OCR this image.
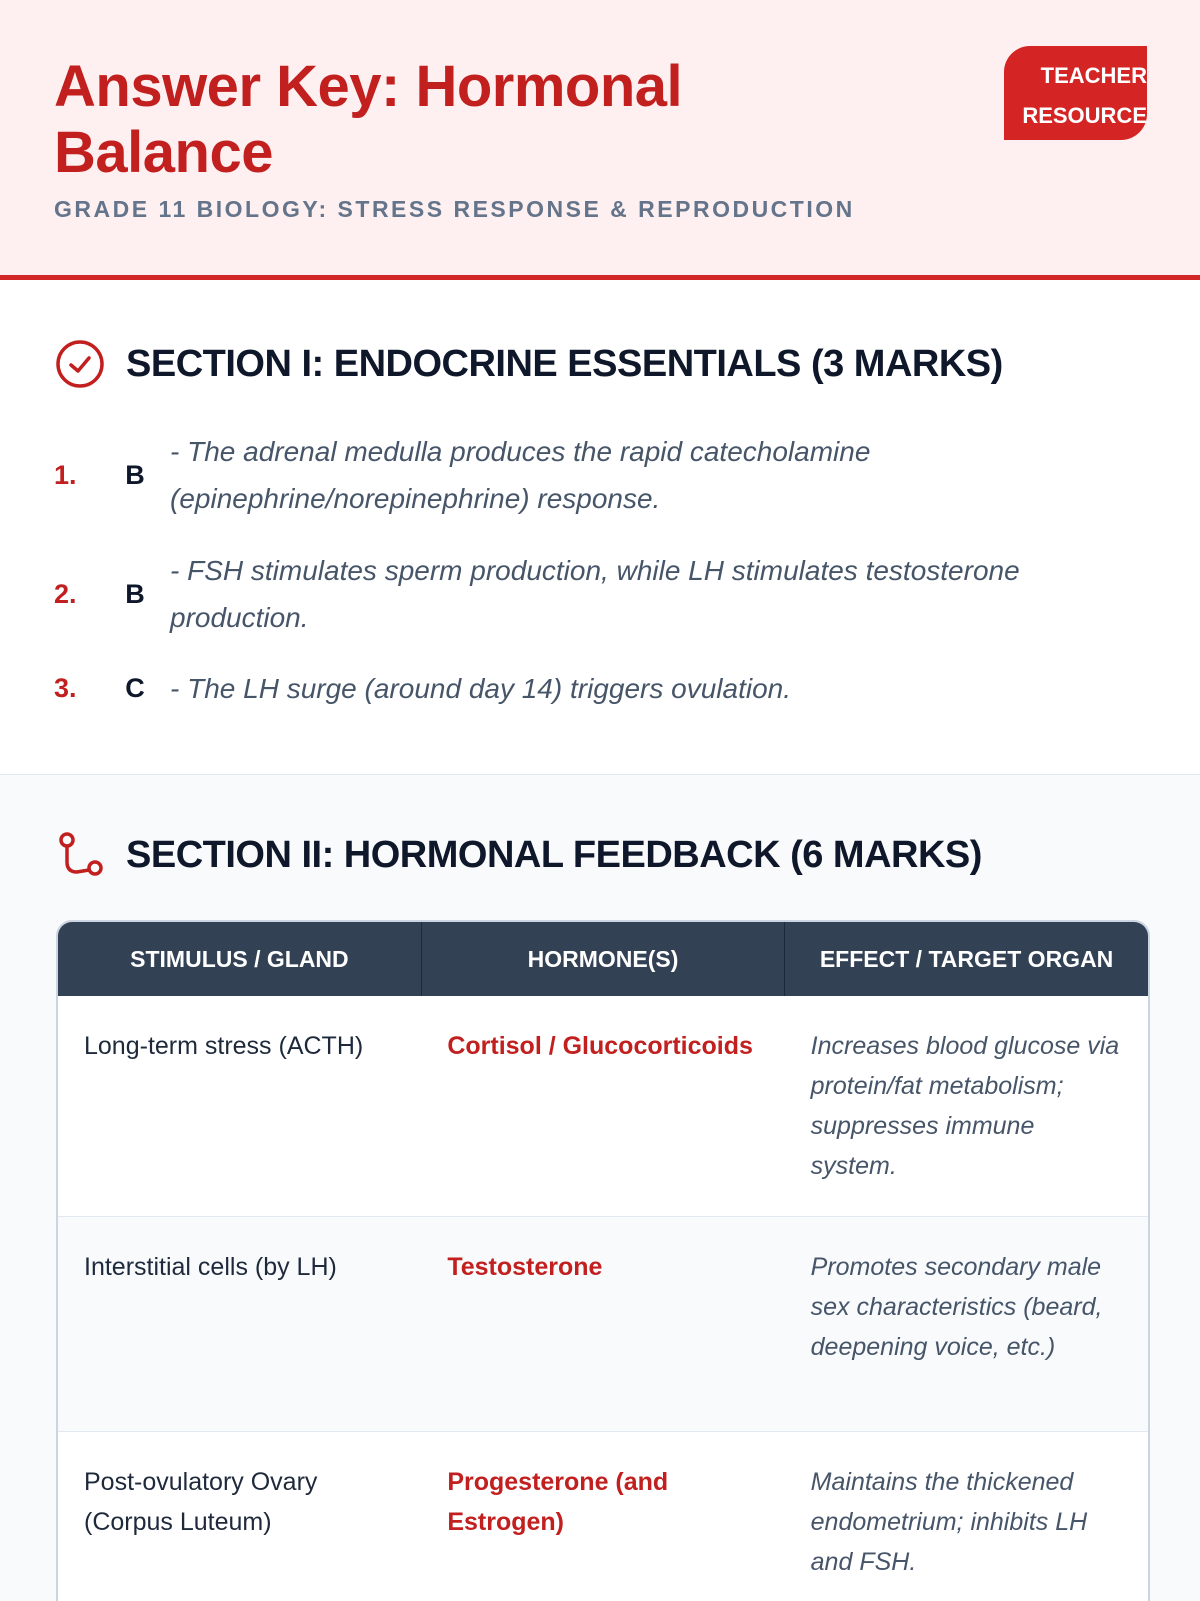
Answer Key: Hormonal Balance
GRADE 11 BIOLOGY: STRESS RESPONSE & REPRODUCTION
TEACHER
RESOURCE
SECTION I: ENDOCRINE ESSENTIALS (3 MARKS)
1.	B
- The adrenal medulla produces the rapid catecholamine (epinephrine/norepinephrine) response.
2.	B
- FSH stimulates sperm production, while LH stimulates testosterone production.
3.	C - The LH surge (around day 14) triggers ovulation.
SECTION II: HORMONAL FEEDBACK (6 MARKS)
STIMULUS / GLAND	HORMONE(S)	EFFECT / TARGET ORGAN
Long-term stress (ACTH)	Cortisol / Glucocorticoids	Increases blood glucose via protein/fat metabolism; suppresses immune system.
Interstitial cells (by LH)	Testosterone	Promotes secondary male sex characteristics (beard, deepening voice, etc.)
Post-ovulatory Ovary (Corpus Luteum)	Progesterone (and Estrogen)	Maintains the thickened endometrium; inhibits LH and FSH.
